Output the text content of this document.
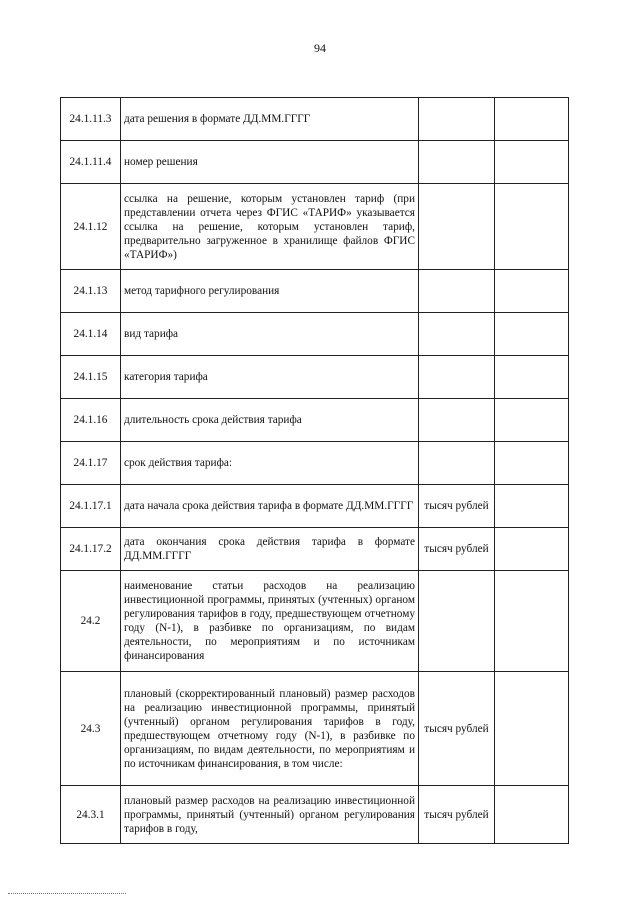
94
24.1.11.3	дата решения в формате ДД.ММ.ГГГГ		
24.1.11.4	номер решения		
24.1.12	ссылка на решение, которым установлен тариф (при представлении отчета через ФГИС «ТАРИФ» указывается ссылка на решение, которым установлен тариф, предварительно загруженное в хранилище файлов ФГИС «ТАРИФ»)		
24.1.13	метод тарифного регулирования		
24.1.14	вид тарифа		
24.1.15	категория тарифа		
24.1.16	длительность срока действия тарифа		
24.1.17	срок действия тарифа:		
24.1.17.1	дата начала срока действия тарифа в формате ДД.ММ.ГГГГ	тысяч рублей	
24.1.17.2	дата окончания срока действия тарифа в формате ДД.ММ.ГГГГ	тысяч рублей	
24.2	наименование статьи расходов на реализацию инвестиционной программы, принятых (учтенных) органом регулирования тарифов в году, предшествующем отчетному году (N-1), в разбивке по организациям, по видам деятельности, по мероприятиям и по источникам финансирования		
24.3	плановый (скорректированный плановый) размер расходов на реализацию инвестиционной программы, принятый (учтенный) органом регулирования тарифов в году, предшествующем отчетному году (N-1), в разбивке по организациям, по видам деятельности, по мероприятиям и по источникам финансирования, в том числе:	тысяч рублей	
24.3.1	плановый размер расходов на реализацию инвестиционной программы, принятый (учтенный) органом регулирования тарифов в году,	тысяч рублей	
